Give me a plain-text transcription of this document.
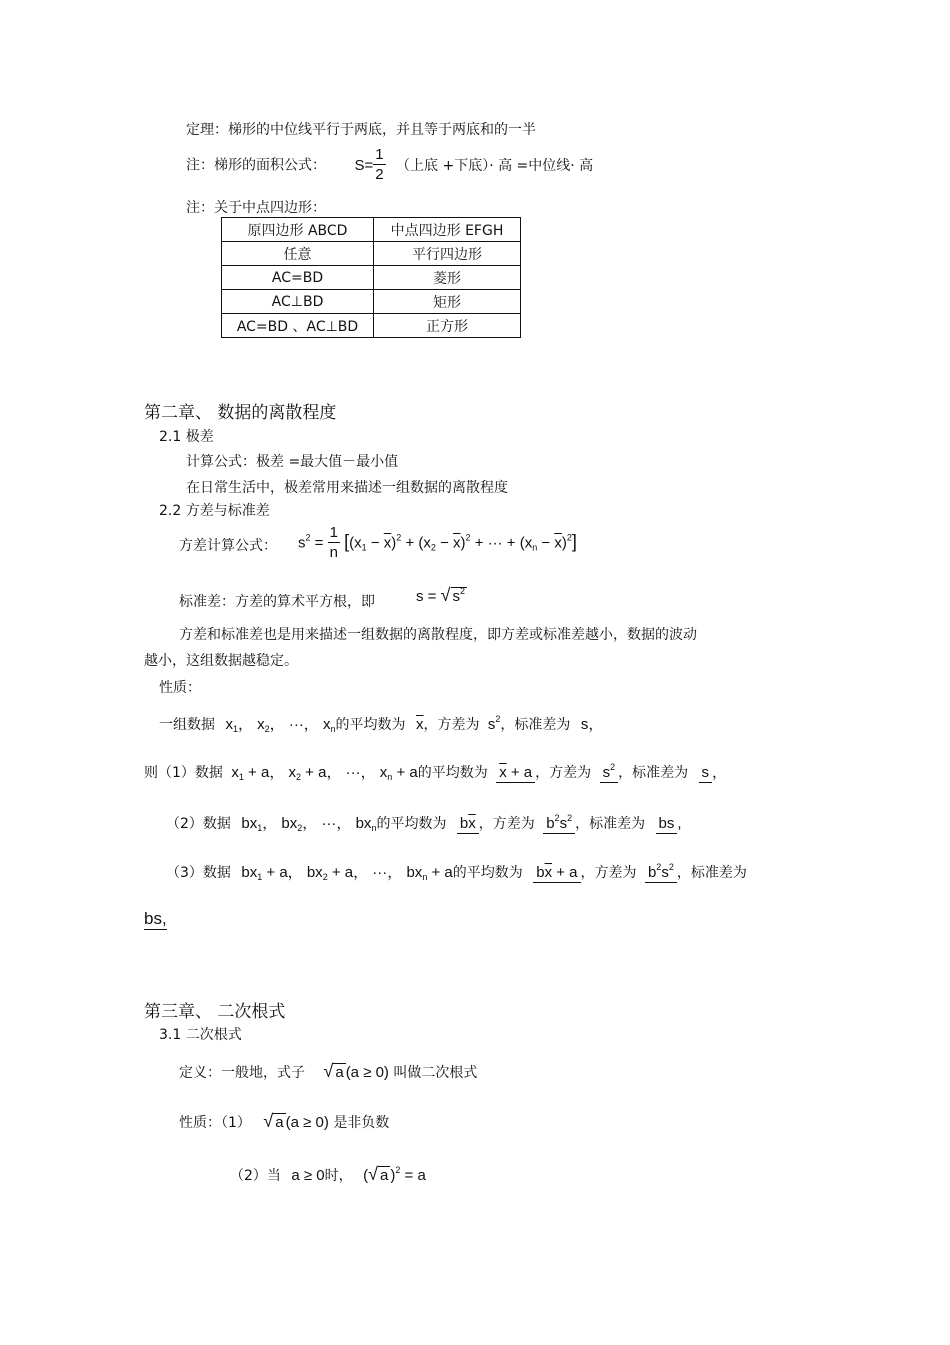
定理：梯形的中位线平行于两底，并且等于两底和的一半
注：梯形的面积公式： $S= \frac{1}{2}$ （上底 +下底）· 高 =中位线· 高
注：关于中点四边形：
原四边形 ABCD	中点四边形 EFGH
任意	平行四边形
AC=BD	菱形
AC⊥BD	矩形
AC=BD 、AC⊥BD	正方形
第二章、 数据的离散程度
2.1 极差
计算公式：极差 =最大值－最小值
在日常生活中，极差常用来描述一组数据的离散程度
2.2 方差与标准差
方差计算公式： $s^2 = \frac{1}{n} [(x_1 - \overline{x})^2 + (x_2 - \overline{x})^2$ + ··· + $(x_n - \overline{x})^2$]
标准差：方差的算术平方根，即	s = √ $s^2$
方差和标准差也是用来描述一组数据的离散程度，即方差或标准差越小，数据的波动
越小，这组数据越稳定。
性质：
一组数据 $x_1$， $x_2$， ···， $x_n$的平均数为 $\overline{x}$，方差为 $s^2$，标准差为 s，
则（1）数据 $x_1 + a$， $x_2 + a$， ···， $x_n + a$的平均数为 $\overline{x} + a$ ，方差为 $s^2$ ，标准差为 s ，
（2）数据 $bx_1$， $bx_2$， ···， $bx_n$的平均数为 $b\overline{x}$ ，方差为 $b^2s^2$ ，标准差为 bs ,
（3）数据 $bx_1 + a$， $bx_2 + a$， ···， $bx_n + a$的平均数为 $b\overline{x} + a$ ，方差为 $b^2s^2$ ，标准差为
bs,
第三章、 二次根式
3.1 二次根式
定义：一般地，式子 √ a (a ≥ 0) 叫做二次根式
性质：（1） √ a (a ≥ 0) 是非负数
（2）当 a ≥ 0时， (√ a )$^2$ = a
